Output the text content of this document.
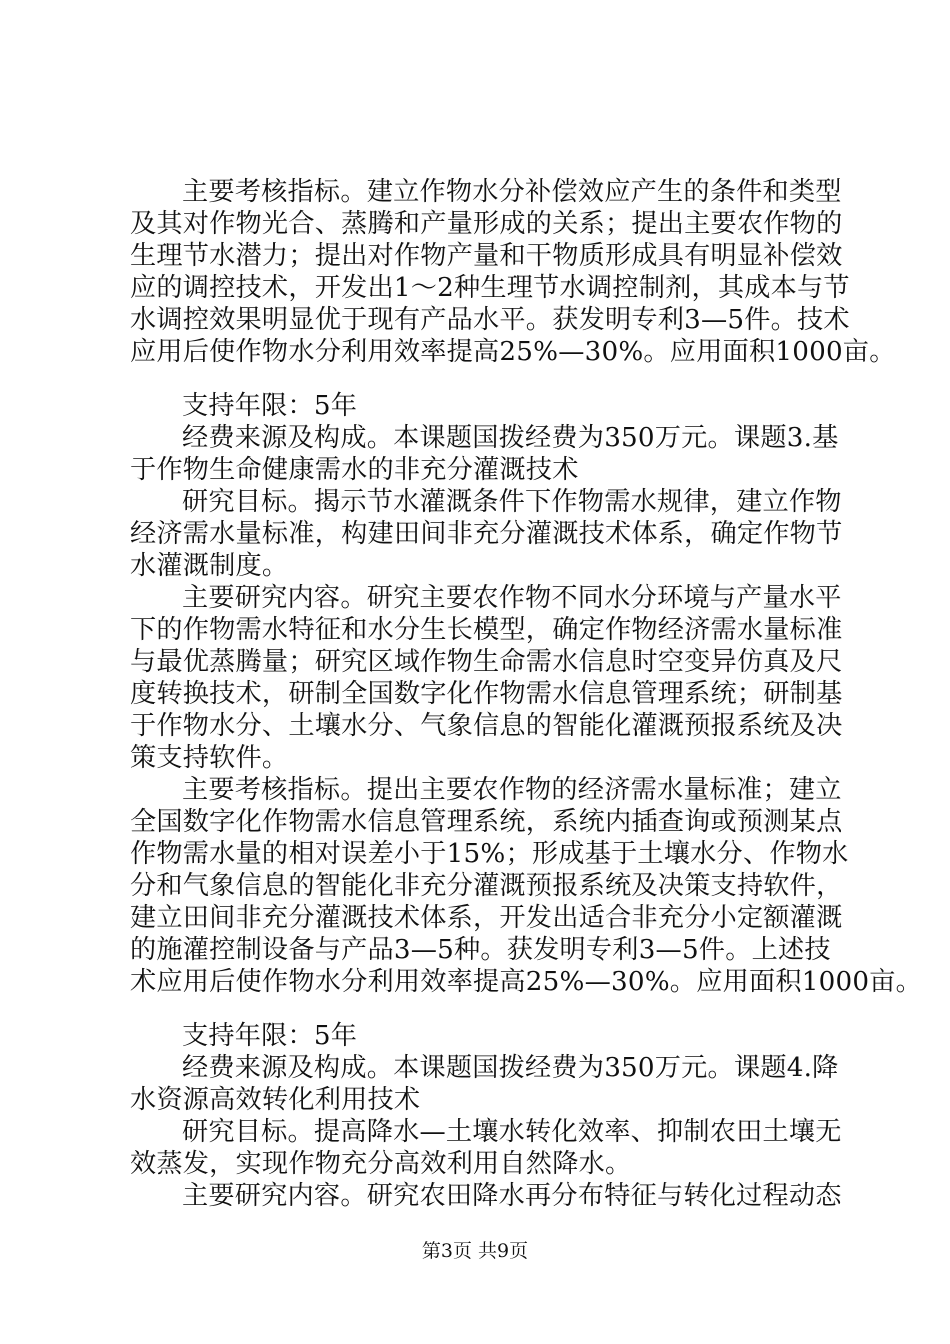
主要考核指标。建立作物水分补偿效应产生的条件和类型
及其对作物光合、蒸腾和产量形成的关系；提出主要农作物的
生理节水潜力；提出对作物产量和干物质形成具有明显补偿效
应的调控技术，开发出1～2种生理节水调控制剂，其成本与节
水调控效果明显优于现有产品水平。获发明专利3—5件。技术
应用后使作物水分利用效率提高25%—30%。应用面积1000亩。
支持年限：5年
经费来源及构成。本课题国拨经费为350万元。课题3.基
于作物生命健康需水的非充分灌溉技术
研究目标。揭示节水灌溉条件下作物需水规律，建立作物
经济需水量标准，构建田间非充分灌溉技术体系，确定作物节
水灌溉制度。
主要研究内容。研究主要农作物不同水分环境与产量水平
下的作物需水特征和水分生长模型，确定作物经济需水量标准
与最优蒸腾量；研究区域作物生命需水信息时空变异仿真及尺
度转换技术，研制全国数字化作物需水信息管理系统；研制基
于作物水分、土壤水分、气象信息的智能化灌溉预报系统及决
策支持软件。
主要考核指标。提出主要农作物的经济需水量标准；建立
全国数字化作物需水信息管理系统，系统内插查询或预测某点
作物需水量的相对误差小于15%；形成基于土壤水分、作物水
分和气象信息的智能化非充分灌溉预报系统及决策支持软件，
建立田间非充分灌溉技术体系，开发出适合非充分小定额灌溉
的施灌控制设备与产品3—5种。获发明专利3—5件。上述技
术应用后使作物水分利用效率提高25%—30%。应用面积1000亩。
支持年限：5年
经费来源及构成。本课题国拨经费为350万元。课题4.降
水资源高效转化利用技术
研究目标。提高降水—土壤水转化效率、抑制农田土壤无
效蒸发，实现作物充分高效利用自然降水。
主要研究内容。研究农田降水再分布特征与转化过程动态
第3页 共9页
